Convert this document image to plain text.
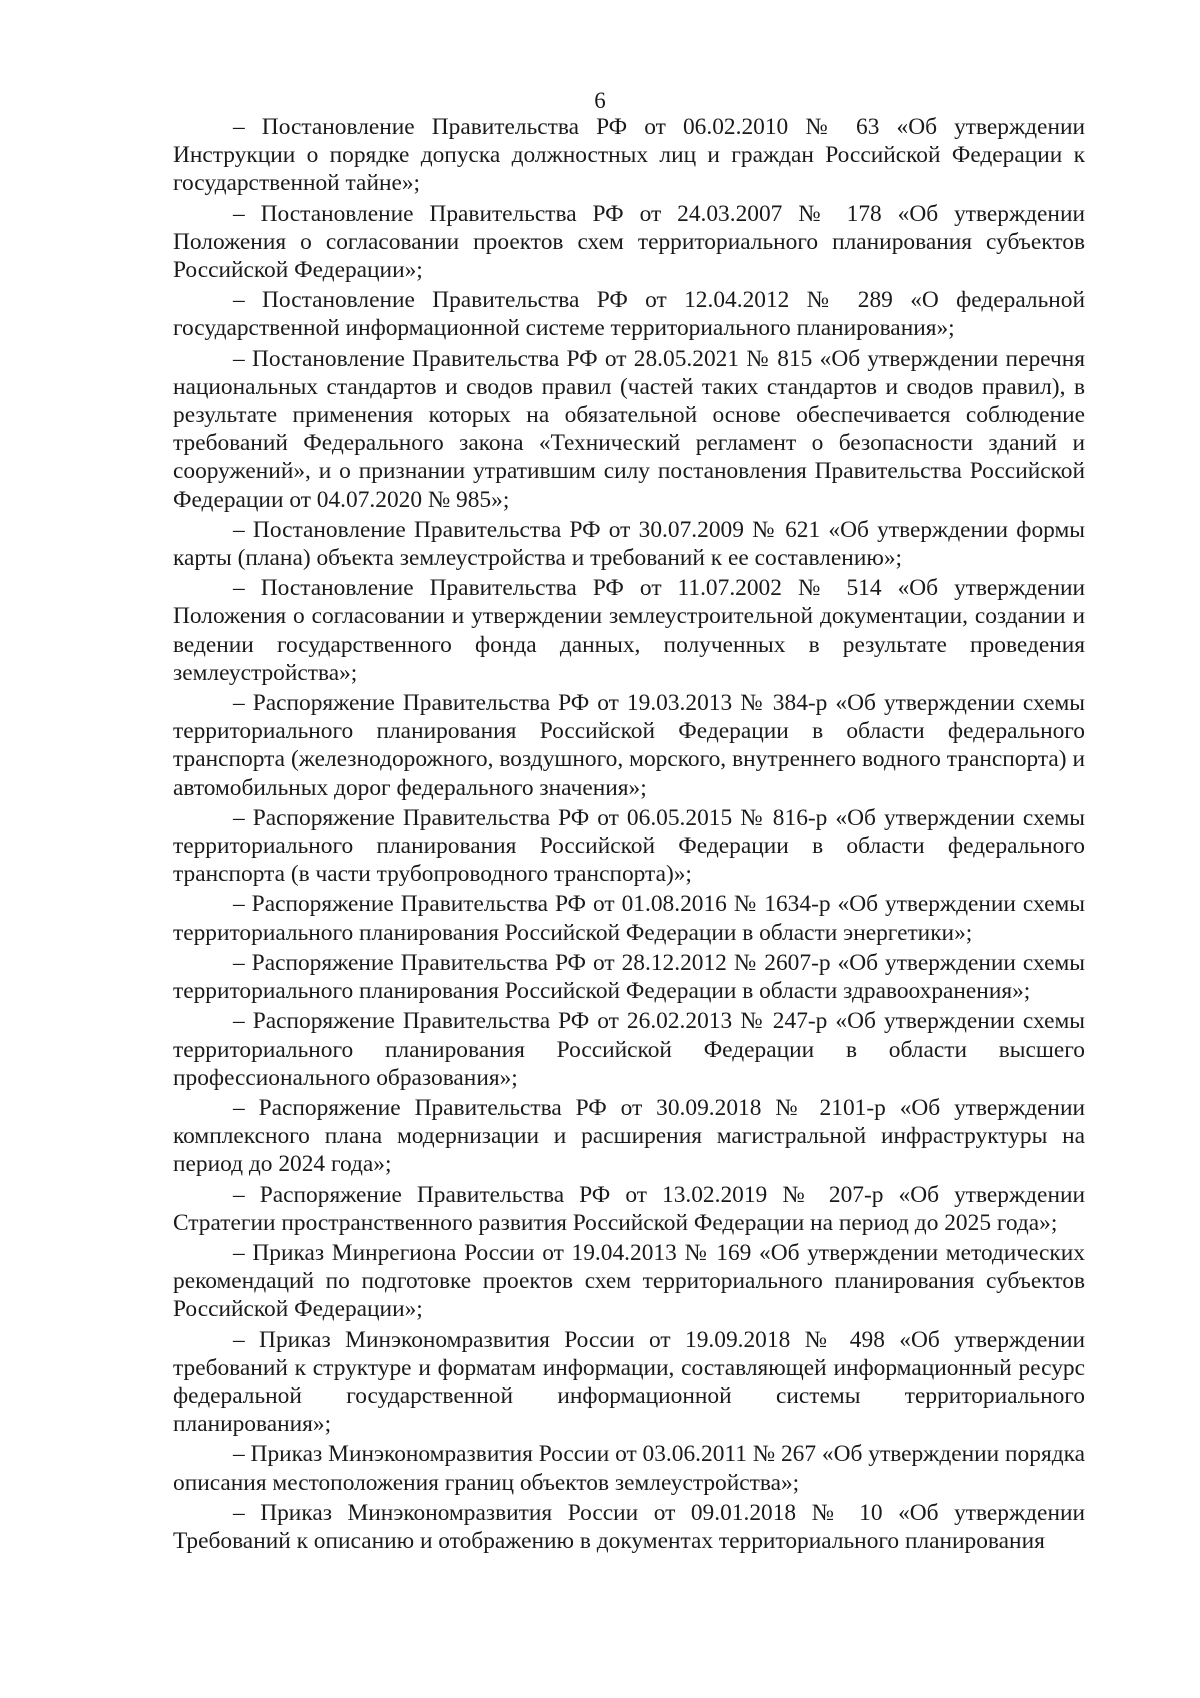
6

– Постановление Правительства РФ от 06.02.2010 № 63 «Об утверждении Инструкции о порядке допуска должностных лиц и граждан Российской Федерации к государственной тайне»;

– Постановление Правительства РФ от 24.03.2007 № 178 «Об утверждении Положения о согласовании проектов схем территориального планирования субъектов Российской Федерации»;

– Постановление Правительства РФ от 12.04.2012 № 289 «О федеральной государственной информационной системе территориального планирования»;

– Постановление Правительства РФ от 28.05.2021 № 815 «Об утверждении перечня национальных стандартов и сводов правил (частей таких стандартов и сводов правил), в результате применения которых на обязательной основе обеспечивается соблюдение требований Федерального закона «Технический регламент о безопасности зданий и сооружений», и о признании утратившим силу постановления Правительства Российской Федерации от 04.07.2020 № 985»;

– Постановление Правительства РФ от 30.07.2009 № 621 «Об утверждении формы карты (плана) объекта землеустройства и требований к ее составлению»;

– Постановление Правительства РФ от 11.07.2002 № 514 «Об утверждении Положения о согласовании и утверждении землеустроительной документации, создании и ведении государственного фонда данных, полученных в результате проведения землеустройства»;

– Распоряжение Правительства РФ от 19.03.2013 № 384-р «Об утверждении схемы территориального планирования Российской Федерации в области федерального транспорта (железнодорожного, воздушного, морского, внутреннего водного транспорта) и автомобильных дорог федерального значения»;

– Распоряжение Правительства РФ от 06.05.2015 № 816-р «Об утверждении схемы территориального планирования Российской Федерации в области федерального транспорта (в части трубопроводного транспорта)»;

– Распоряжение Правительства РФ от 01.08.2016 № 1634-р «Об утверждении схемы территориального планирования Российской Федерации в области энергетики»;

– Распоряжение Правительства РФ от 28.12.2012 № 2607-р «Об утверждении схемы территориального планирования Российской Федерации в области здравоохранения»;

– Распоряжение Правительства РФ от 26.02.2013 № 247-р «Об утверждении схемы территориального планирования Российской Федерации в области высшего профессионального образования»;

– Распоряжение Правительства РФ от 30.09.2018 № 2101-р «Об утверждении комплексного плана модернизации и расширения магистральной инфраструктуры на период до 2024 года»;

– Распоряжение Правительства РФ от 13.02.2019 № 207-р «Об утверждении Стратегии пространственного развития Российской Федерации на период до 2025 года»;

– Приказ Минрегиона России от 19.04.2013 № 169 «Об утверждении методических рекомендаций по подготовке проектов схем территориального планирования субъектов Российской Федерации»;

– Приказ Минэкономразвития России от 19.09.2018 № 498 «Об утверждении требований к структуре и форматам информации, составляющей информационный ресурс федеральной государственной информационной системы территориального планирования»;

– Приказ Минэкономразвития России от 03.06.2011 № 267 «Об утверждении порядка описания местоположения границ объектов землеустройства»;

– Приказ Минэкономразвития России от 09.01.2018 № 10 «Об утверждении Требований к описанию и отображению в документах территориального планирования
